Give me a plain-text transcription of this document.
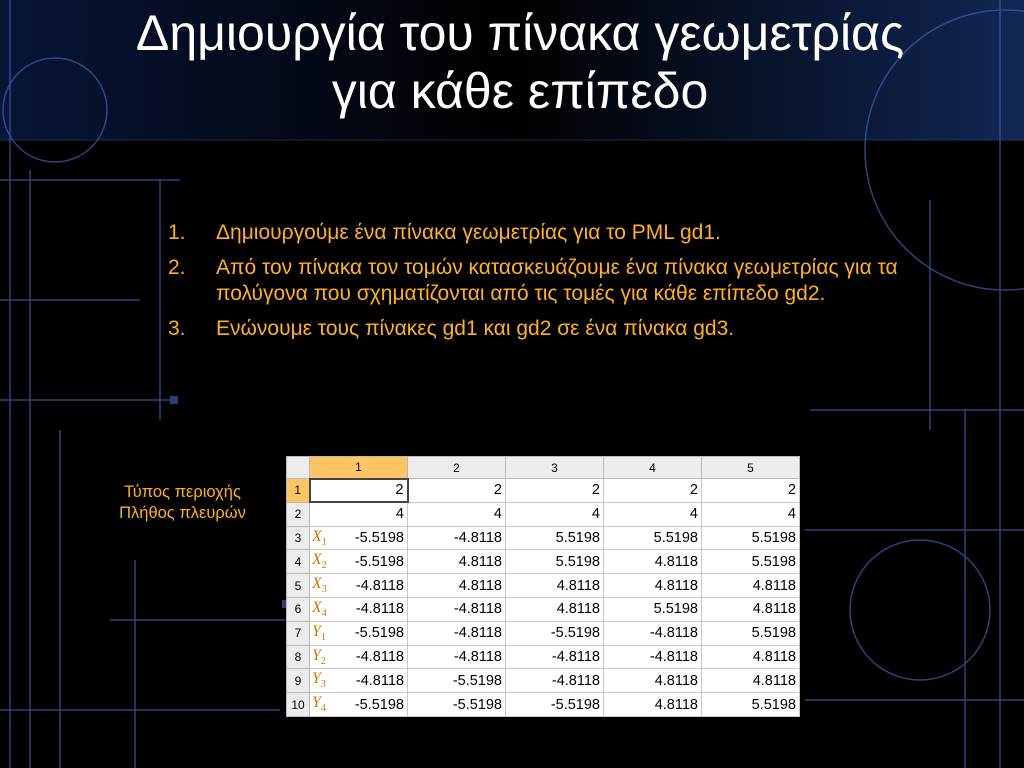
Δημιουργία του πίνακα γεωμετρίας
για κάθε επίπεδο
1. Δημιουργούμε ένα πίνακα γεωμετρίας για το PML gd1.
2. Από τον πίνακα τον τομών κατασκευάζουμε ένα πίνακα γεωμετρίας για τα πολύγονα που σχηματίζονται από τις τομές για κάθε επίπεδο gd2.
3. Ενώνουμε τους πίνακες gd1 και gd2 σε ένα πίνακα gd3.
Τύπος περιοχής
Πλήθος πλευρών
	1	2	3	4	5
1	2	2	2	2	2
2	4	4	4	4	4
3	$X_1$ -5.5198	-4.8118	5.5198	5.5198	5.5198
4	$X_2$ -5.5198	4.8118	5.5198	4.8118	5.5198
5	$X_3$ -4.8118	4.8118	4.8118	4.8118	4.8118
6	$X_4$ -4.8118	-4.8118	4.8118	5.5198	4.8118
7	$Y_1$ -5.5198	-4.8118	-5.5198	-4.8118	5.5198
8	$Y_2$ -4.8118	-4.8118	-4.8118	-4.8118	4.8118
9	$Y_3$ -4.8118	-5.5198	-4.8118	4.8118	4.8118
10	$Y_4$ -5.5198	-5.5198	-5.5198	4.8118	5.5198
